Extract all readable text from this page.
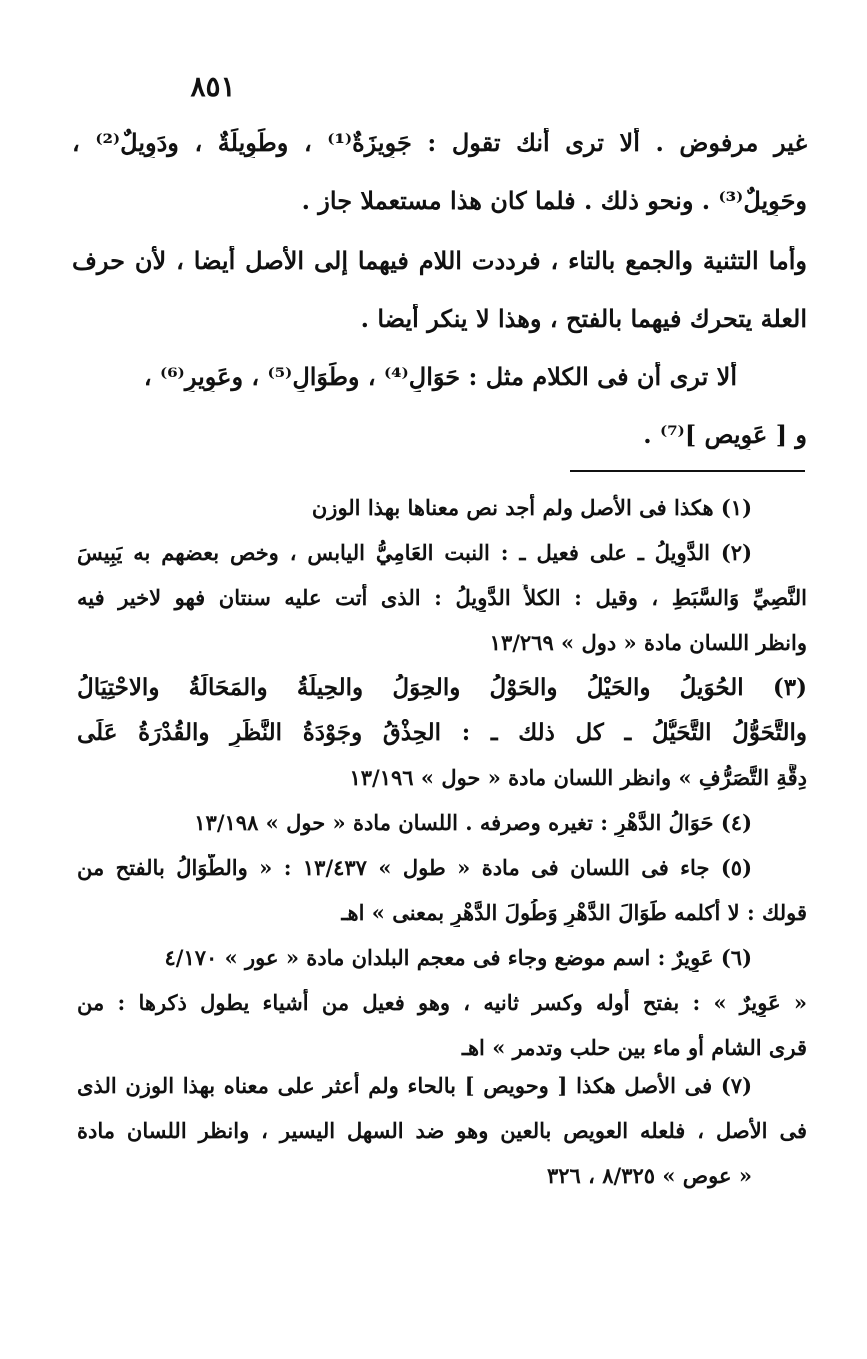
٨٥١
غير مرفوض . ألا ترى أنك تقول : جَوِيزَةٌ⁽¹⁾ ، وطَوِيلَةٌ ، ودَوِيلٌ⁽²⁾ ،
وحَوِيلٌ⁽³⁾ . ونحو ذلك . فلما كان هذا مستعملا جاز .
وأما التثنية والجمع بالتاء ، فرددت اللام فيهما إلى الأصل أيضا ، لأن حرف
العلة يتحرك فيهما بالفتح ، وهذا لا ينكر أيضا .
ألا ترى أن فى الكلام مثل : حَوَالٍ⁽⁴⁾ ، وطَوَالٍ⁽⁵⁾ ، وعَوِيرٍ⁽⁶⁾ ،
و [ عَوِيصٍ ]⁽⁷⁾ .
(١) هكذا فى الأصل ولم أجد نص معناها بهذا الوزن
(٢) الدَّوِيلُ ـ على فعيل ـ : النبت العَامِيُّ اليابس ، وخص بعضهم به يَبِيسَ
النَّصِيِّ وَالسَّبَطِ ، وقيل : الكلأُ الدَّوِيلُ : الذى أتت عليه سنتان فهو لاخير فيه
وانظر اللسان مادة « دول » ١٣/٢٦٩
(٣) الحُوَيلُ والحَيْلُ والحَوْلُ والحِوَلُ والحِيلَةُ والمَحَالَةُ والاحْتِيَالُ
والتَّحَوُّلُ التَّحَيُّلُ ـ كل ذلك ـ : الحِذْقُ وجَوْدَةُ النَّظَرِ والقُدْرَةُ عَلَى
دِقَّةِ التَّصَرُّفِ » وانظر اللسان مادة « حول » ١٣/١٩٦
(٤) حَوَالُ الدَّهْرِ : تغيره وصرفه . اللسان مادة « حول » ١٣/١٩٨
(٥) جاء فى اللسان فى مادة « طول » ١٣/٤٣٧ : « والطَّوَالُ بالفتح من
قولك : لا أكلمه طَوَالَ الدَّهْرِ وَطُولَ الدَّهْرِ بمعنى » اهـ
(٦) عَوِيرٌ : اسم موضع وجاء فى معجم البلدان مادة « عور » ٤/١٧٠
« عَوِيرٌ » : بفتح أوله وكسر ثانيه ، وهو فعيل من أشياء يطول ذكرها : من
قرى الشام أو ماء بين حلب وتدمر » اهـ
(٧) فى الأصل هكذا [ وحويص ] بالحاء ولم أعثر على معناه بهذا الوزن الذى
فى الأصل ، فلعله العويص بالعين وهو ضد السهل اليسير ، وانظر اللسان مادة
« عوص » ٨/٣٢٥ ، ٣٢٦
